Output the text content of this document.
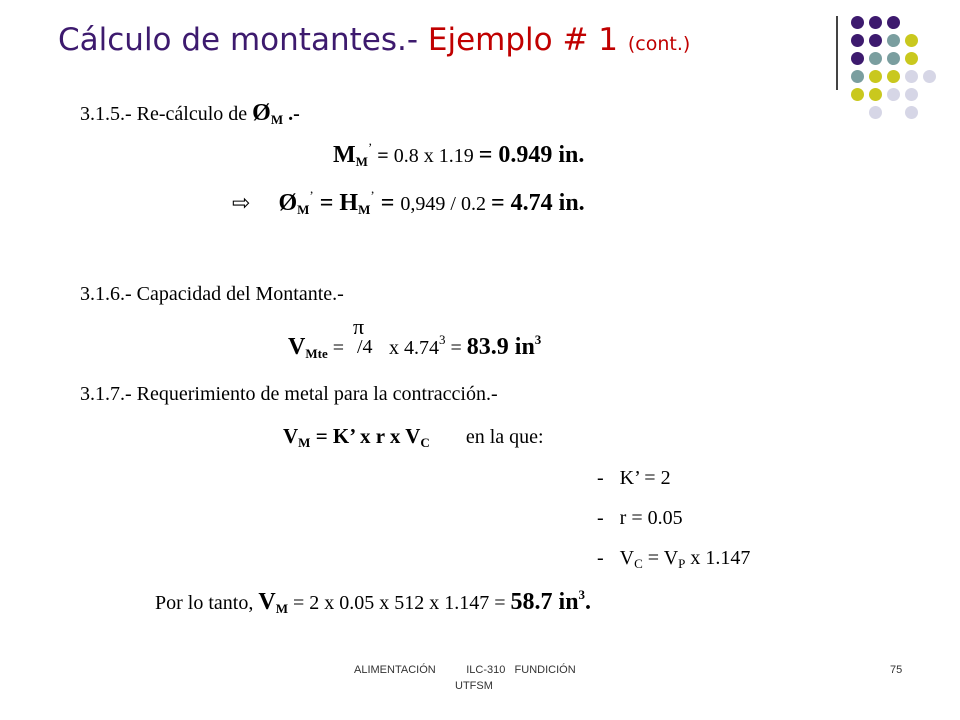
Cálculo de montantes.- Ejemplo # 1 (cont.)
3.1.5.- Re-cálculo de $Ø_M$ .-
$M_M^’ = 0.8$ x 1.19 = 0.949 in.
⇨ $Ø_M^’ = H_M^’ = 0,949 / 0.2 = 4.74$ in.
3.1.6.- Capacidad del Montante.-
$V_{Mte}$ =
π
/4 x $4.74^3 = 83.9$ $in^3$
3.1.7.- Requerimiento de metal para la contracción.-
$V_M = K$’ x r x $V_C$ en la que:
- K’ = 2
- r = 0.05
- $V_C = V_P$ x 1.147
Por lo tanto, $V_M = 2$ x 0.05 x 512 x 1.147 = 58.7 $in^3$.
ALIMENTACIÓN          ILC-310   FUNDICIÓN
UTFSM
75
